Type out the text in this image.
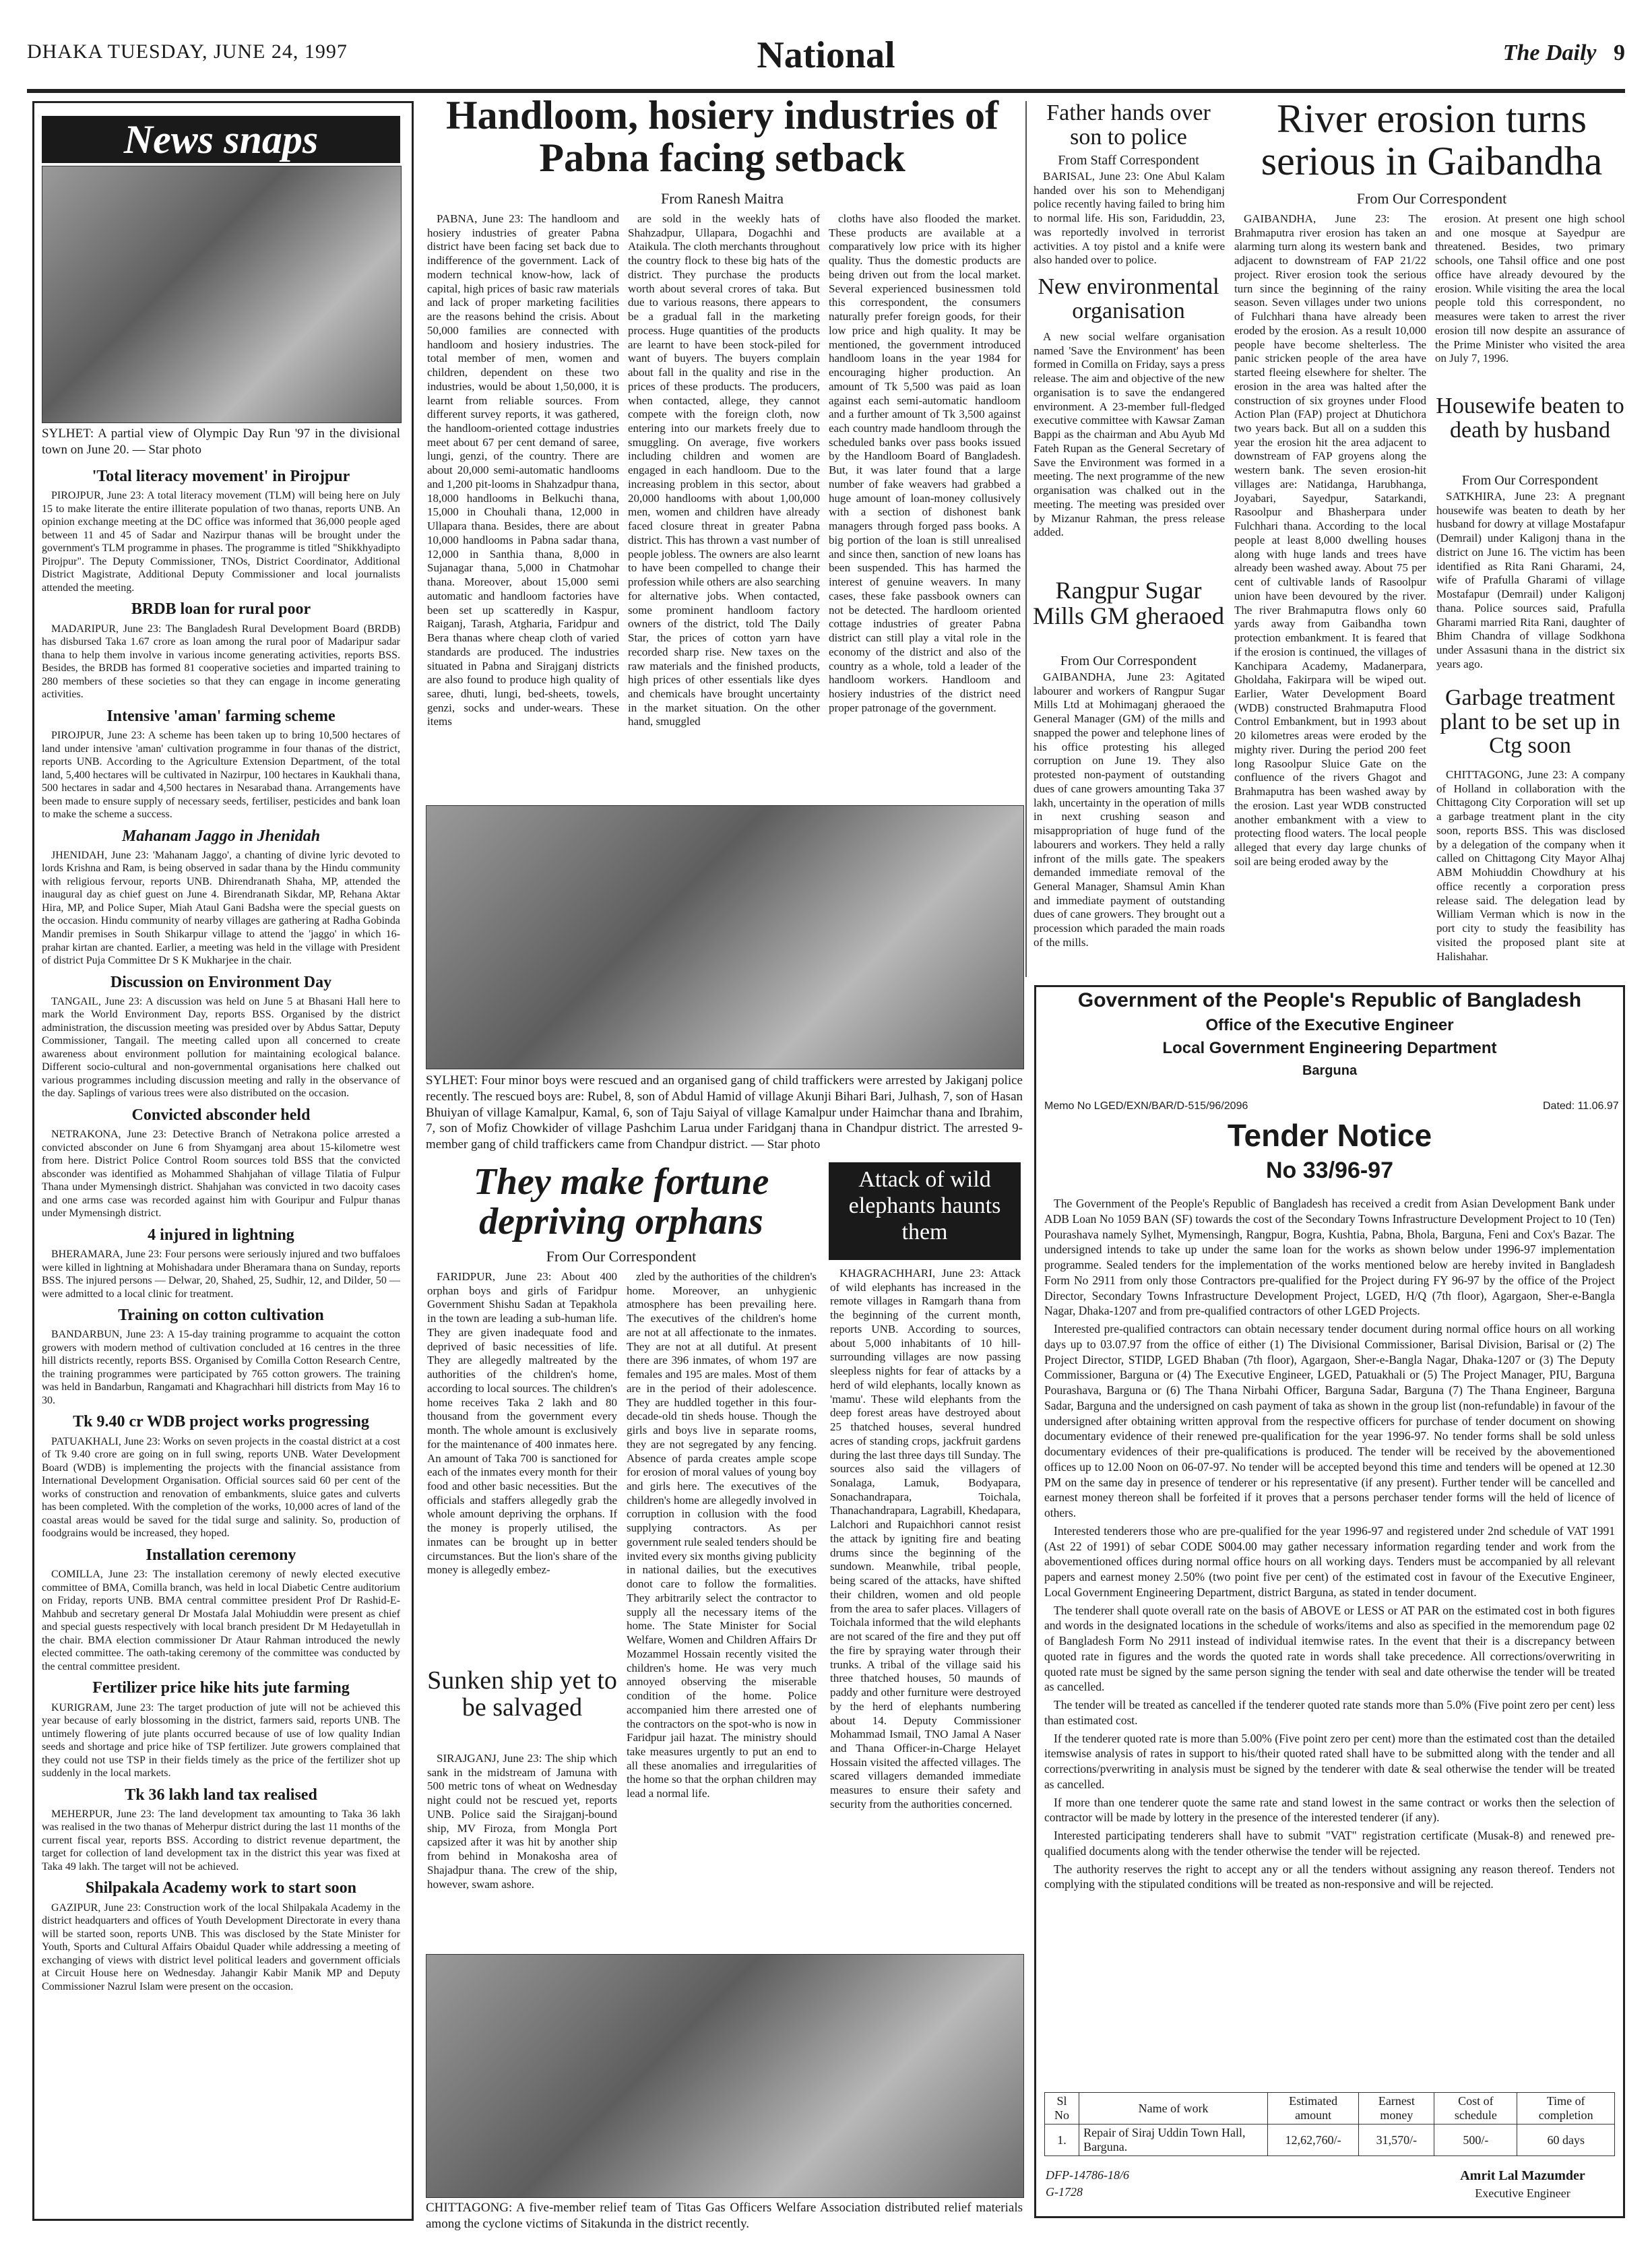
DHAKA TUESDAY, JUNE 24, 1997	National	The Daily 9
News snaps
SYLHET: A partial view of Olympic Day Run '97 in the divisional town on June 20. — Star photo
'Total literacy movement' in Pirojpur

PIROJPUR, June 23: A total literacy movement (TLM) will being here on July 15 to make literate the entire illiterate population of two thanas, reports UNB. An opinion exchange meeting at the DC office was informed that 36,000 people aged between 11 and 45 of Sadar and Nazirpur thanas will be brought under the government's TLM programme in phases. The programme is titled "Shikkhyadipto Pirojpur". The Deputy Commissioner, TNOs, District Coordinator, Additional District Magistrate, Additional Deputy Commissioner and local journalists attended the meeting.

BRDB loan for rural poor

MADARIPUR, June 23: The Bangladesh Rural Development Board (BRDB) has disbursed Taka 1.67 crore as loan among the rural poor of Madaripur sadar thana to help them involve in various income generating activities, reports BSS. Besides, the BRDB has formed 81 cooperative societies and imparted training to 280 members of these societies so that they can engage in income generating activities.

Intensive 'aman' farming scheme

PIROJPUR, June 23: A scheme has been taken up to bring 10,500 hectares of land under intensive 'aman' cultivation programme in four thanas of the district, reports UNB. According to the Agriculture Extension Department, of the total land, 5,400 hectares will be cultivated in Nazirpur, 100 hectares in Kaukhali thana, 500 hectares in sadar and 4,500 hectares in Nesarabad thana. Arrangements have been made to ensure supply of necessary seeds, fertiliser, pesticides and bank loan to make the scheme a success.

Mahanam Jaggo in Jhenidah

JHENIDAH, June 23: 'Mahanam Jaggo', a chanting of divine lyric devoted to lords Krishna and Ram, is being observed in sadar thana by the Hindu community with religious fervour, reports UNB. Dhirendranath Shaha, MP, attended the inaugural day as chief guest on June 4. Birendranath Sikdar, MP, Rehana Aktar Hira, MP, and Police Super, Miah Ataul Gani Badsha were the special guests on the occasion. Hindu community of nearby villages are gathering at Radha Gobinda Mandir premises in South Shikarpur village to attend the 'jaggo' in which 16-prahar kirtan are chanted. Earlier, a meeting was held in the village with President of district Puja Committee Dr S K Mukharjee in the chair.

Discussion on Environment Day

TANGAIL, June 23: A discussion was held on June 5 at Bhasani Hall here to mark the World Environment Day, reports BSS. Organised by the district administration, the discussion meeting was presided over by Abdus Sattar, Deputy Commissioner, Tangail. The meeting called upon all concerned to create awareness about environment pollution for maintaining ecological balance. Different socio-cultural and non-governmental organisations here chalked out various programmes including discussion meeting and rally in the observance of the day. Saplings of various trees were also distributed on the occasion.

Convicted absconder held

NETRAKONA, June 23: Detective Branch of Netrakona police arrested a convicted absconder on June 6 from Shyamganj area about 15-kilometre west from here. District Police Control Room sources told BSS that the convicted absconder was identified as Mohammed Shahjahan of village Tilatia of Fulpur Thana under Mymensingh district. Shahjahan was convicted in two dacoity cases and one arms case was recorded against him with Gouripur and Fulpur thanas under Mymensingh district.

4 injured in lightning

BHERAMARA, June 23: Four persons were seriously injured and two buffaloes were killed in lightning at Mohishadara under Bheramara thana on Sunday, reports BSS. The injured persons — Delwar, 20, Shahed, 25, Sudhir, 12, and Dilder, 50 — were admitted to a local clinic for treatment.

Training on cotton cultivation

BANDARBUN, June 23: A 15-day training programme to acquaint the cotton growers with modern method of cultivation concluded at 16 centres in the three hill districts recently, reports BSS. Organised by Comilla Cotton Research Centre, the training programmes were participated by 765 cotton growers. The training was held in Bandarbun, Rangamati and Khagrachhari hill districts from May 16 to 30.

Tk 9.40 cr WDB project works progressing

PATUAKHALI, June 23: Works on seven projects in the coastal district at a cost of Tk 9.40 crore are going on in full swing, reports UNB. Water Development Board (WDB) is implementing the projects with the financial assistance from International Development Organisation. Official sources said 60 per cent of the works of construction and renovation of embankments, sluice gates and culverts has been completed. With the completion of the works, 10,000 acres of land of the coastal areas would be saved for the tidal surge and salinity. So, production of foodgrains would be increased, they hoped.

Installation ceremony

COMILLA, June 23: The installation ceremony of newly elected executive committee of BMA, Comilla branch, was held in local Diabetic Centre auditorium on Friday, reports UNB. BMA central committee president Prof Dr Rashid-E-Mahbub and secretary general Dr Mostafa Jalal Mohiuddin were present as chief and special guests respectively with local branch president Dr M Hedayetullah in the chair. BMA election commissioner Dr Ataur Rahman introduced the newly elected committee. The oath-taking ceremony of the committee was conducted by the central committee president.

Fertilizer price hike hits jute farming

KURIGRAM, June 23: The target production of jute will not be achieved this year because of early blossoming in the district, farmers said, reports UNB. The untimely flowering of jute plants occurred because of use of low quality Indian seeds and shortage and price hike of TSP fertilizer. Jute growers complained that they could not use TSP in their fields timely as the price of the fertilizer shot up suddenly in the local markets.

Tk 36 lakh land tax realised

MEHERPUR, June 23: The land development tax amounting to Taka 36 lakh was realised in the two thanas of Meherpur district during the last 11 months of the current fiscal year, reports BSS. According to district revenue department, the target for collection of land development tax in the district this year was fixed at Taka 49 lakh. The target will not be achieved.

Shilpakala Academy work to start soon

GAZIPUR, June 23: Construction work of the local Shilpakala Academy in the district headquarters and offices of Youth Development Directorate in every thana will be started soon, reports UNB. This was disclosed by the State Minister for Youth, Sports and Cultural Affairs Obaidul Quader while addressing a meeting of exchanging of views with district level political leaders and government officials at Circuit House here on Wednesday. Jahangir Kabir Manik MP and Deputy Commissioner Nazrul Islam were present on the occasion.

Handloom, hosiery industries of Pabna facing setback
From Ranesh Maitra

PABNA, June 23: The handloom and hosiery industries of greater Pabna district have been facing set back due to indifference of the government. Lack of modern technical know-how, lack of capital, high prices of basic raw materials and lack of proper marketing facilities are the reasons behind the crisis. About 50,000 families are connected with handloom and hosiery industries. The total member of men, women and children, dependent on these two industries, would be about 1,50,000, it is learnt from reliable sources. From different survey reports, it was gathered, the handloom-oriented cottage industries meet about 67 per cent demand of saree, lungi, genzi, of the country. There are about 20,000 semi-automatic handlooms and 1,200 pit-looms in Shahzadpur thana, 18,000 handlooms in Belkuchi thana, 15,000 in Chouhali thana, 12,000 in Ullapara thana. Besides, there are about 10,000 handlooms in Pabna sadar thana, 12,000 in Santhia thana, 8,000 in Sujanagar thana, 5,000 in Chatmohar thana. Moreover, about 15,000 semi automatic and handloom factories have been set up scatteredly in Kaspur, Raiganj, Tarash, Atgharia, Faridpur and Bera thanas where cheap cloth of varied standards are produced. The industries situated in Pabna and Sirajganj districts are also found to produce high quality of saree, dhuti, lungi, bed-sheets, towels, genzi, socks and under-wears. These items

are sold in the weekly hats of Shahzadpur, Ullapara, Dogachhi and Ataikula. The cloth merchants throughout the country flock to these big hats of the district. They purchase the products worth about several crores of taka. But due to various reasons, there appears to be a gradual fall in the marketing process. Huge quantities of the products are learnt to have been stock-piled for want of buyers. The buyers complain about fall in the quality and rise in the prices of these products. The producers, when contacted, allege, they cannot compete with the foreign cloth, now entering into our markets freely due to smuggling. On average, five workers including children and women are engaged in each handloom. Due to the increasing problem in this sector, about 20,000 handlooms with about 1,00,000 men, women and children have already faced closure threat in greater Pabna district. This has thrown a vast number of people jobless. The owners are also learnt to have been compelled to change their profession while others are also searching for alternative jobs. When contacted, some prominent handloom factory owners of the district, told The Daily Star, the prices of cotton yarn have recorded sharp rise. New taxes on the raw materials and the finished products, high prices of other essentials like dyes and chemicals have brought uncertainty in the market situation. On the other hand, smuggled

cloths have also flooded the market. These products are available at a comparatively low price with its higher quality. Thus the domestic products are being driven out from the local market. Several experienced businessmen told this correspondent, the consumers naturally prefer foreign goods, for their low price and high quality. It may be mentioned, the government introduced handloom loans in the year 1984 for encouraging higher production. An amount of Tk 5,500 was paid as loan against each semi-automatic handloom and a further amount of Tk 3,500 against each country made handloom through the scheduled banks over pass books issued by the Handloom Board of Bangladesh. But, it was later found that a large number of fake weavers had grabbed a huge amount of loan-money collusively with a section of dishonest bank managers through forged pass books. A big portion of the loan is still unrealised and since then, sanction of new loans has been suspended. This has harmed the interest of genuine weavers. In many cases, these fake passbook owners can not be detected. The hardloom oriented cottage industries of greater Pabna district can still play a vital role in the economy of the district and also of the country as a whole, told a leader of the handloom workers. Handloom and hosiery industries of the district need proper patronage of the government.

SYLHET: Four minor boys were rescued and an organised gang of child traffickers were arrested by Jakiganj police recently. The rescued boys are: Rubel, 8, son of Abdul Hamid of village Akunji Bihari Bari, Julhash, 7, son of Hasan Bhuiyan of village Kamalpur, Kamal, 6, son of Taju Saiyal of village Kamalpur under Haimchar thana and Ibrahim, 7, son of Mofiz Chowkider of village Pashchim Larua under Faridganj thana in Chandpur district. The arrested 9-member gang of child traffickers came from Chandpur district. — Star photo
They make fortune depriving orphans
From Our Correspondent

FARIDPUR, June 23: About 400 orphan boys and girls of Faridpur Government Shishu Sadan at Tepakhola in the town are leading a sub-human life. They are given inadequate food and deprived of basic necessities of life. They are allegedly maltreated by the authorities of the children's home, according to local sources. The children's home receives Taka 2 lakh and 80 thousand from the government every month. The whole amount is exclusively for the maintenance of 400 inmates here. An amount of Taka 700 is sanctioned for each of the inmates every month for their food and other basic necessities. But the officials and staffers allegedly grab the whole amount depriving the orphans. If the money is properly utilised, the inmates can be brought up in better circumstances. But the lion's share of the money is allegedly embez-

zled by the authorities of the children's home. Moreover, an unhygienic atmosphere has been prevailing here. The executives of the children's home are not at all affectionate to the inmates. They are not at all dutiful. At present there are 396 inmates, of whom 197 are females and 195 are males. Most of them are in the period of their adolescence. They are huddled together in this four-decade-old tin sheds house. Though the girls and boys live in separate rooms, they are not segregated by any fencing. Absence of parda creates ample scope for erosion of moral values of young boy and girls here. The executives of the children's home are allegedly involved in corruption in collusion with the food supplying contractors. As per government rule sealed tenders should be invited every six months giving publicity in national dailies, but the executives donot care to follow the formalities. They arbitrarily select the contractor to supply all the necessary items of the home. The State Minister for Social Welfare, Women and Children Affairs Dr Mozammel Hossain recently visited the children's home. He was very much annoyed observing the miserable condition of the home. Police accompanied him there arrested one of the contractors on the spot-who is now in Faridpur jail hazat. The ministry should take measures urgently to put an end to all these anomalies and irregularities of the home so that the orphan children may lead a normal life.

Sunken ship yet to be salvaged

SIRAJGANJ, June 23: The ship which sank in the midstream of Jamuna with 500 metric tons of wheat on Wednesday night could not be rescued yet, reports UNB. Police said the Sirajganj-bound ship, MV Firoza, from Mongla Port capsized after it was hit by another ship from behind in Monakosha area of Shajadpur thana. The crew of the ship, however, swam ashore.

Attack of wild elephants haunts them

KHAGRACHHARI, June 23: Attack of wild elephants has increased in the remote villages in Ramgarh thana from the beginning of the current month, reports UNB. According to sources, about 5,000 inhabitants of 10 hill-surrounding villages are now passing sleepless nights for fear of attacks by a herd of wild elephants, locally known as 'mamu'. These wild elephants from the deep forest areas have destroyed about 25 thatched houses, several hundred acres of standing crops, jackfruit gardens during the last three days till Sunday. The sources also said the villagers of Sonalaga, Lamuk, Bodyapara, Sonachandrapara, Toichala, Thanachandrapara, Lagrabill, Khedapara, Lalchori and Rupaichhori cannot resist the attack by igniting fire and beating drums since the beginning of the sundown. Meanwhile, tribal people, being scared of the attacks, have shifted their children, women and old people from the area to safer places. Villagers of Toichala informed that the wild elephants are not scared of the fire and they put off the fire by spraying water through their trunks. A tribal of the village said his three thatched houses, 50 maunds of paddy and other furniture were destroyed by the herd of elephants numbering about 14. Deputy Commissioner Mohammad Ismail, TNO Jamal A Naser and Thana Officer-in-Charge Helayet Hossain visited the affected villages. The scared villagers demanded immediate measures to ensure their safety and security from the authorities concerned.

CHITTAGONG: A five-member relief team of Titas Gas Officers Welfare Association distributed relief materials among the cyclone victims of Sitakunda in the district recently.
Father hands over son to police
From Staff Correspondent

BARISAL, June 23: One Abul Kalam handed over his son to Mehendiganj police recently having failed to bring him to normal life. His son, Fariduddin, 23, was reportedly involved in terrorist activities. A toy pistol and a knife were also handed over to police.

New environmental organisation

A new social welfare organisation named 'Save the Environment' has been formed in Comilla on Friday, says a press release. The aim and objective of the new organisation is to save the endangered environment. A 23-member full-fledged executive committee with Kawsar Zaman Bappi as the chairman and Abu Ayub Md Fateh Rupan as the General Secretary of Save the Environment was formed in a meeting. The next programme of the new organisation was chalked out in the meeting. The meeting was presided over by Mizanur Rahman, the press release added.

Rangpur Sugar Mills GM gheraoed
From Our Correspondent

GAIBANDHA, June 23: Agitated labourer and workers of Rangpur Sugar Mills Ltd at Mohimaganj gheraoed the General Manager (GM) of the mills and snapped the power and telephone lines of his office protesting his alleged corruption on June 19. They also protested non-payment of outstanding dues of cane growers amounting Taka 37 lakh, uncertainty in the operation of mills in next crushing season and misappropriation of huge fund of the labourers and workers. They held a rally infront of the mills gate. The speakers demanded immediate removal of the General Manager, Shamsul Amin Khan and immediate payment of outstanding dues of cane growers. They brought out a procession which paraded the main roads of the mills.

River erosion turns serious in Gaibandha
From Our Correspondent

GAIBANDHA, June 23: The Brahmaputra river erosion has taken an alarming turn along its western bank and adjacent to downstream of FAP 21/22 project. River erosion took the serious turn since the beginning of the rainy season. Seven villages under two unions of Fulchhari thana have already been eroded by the erosion. As a result 10,000 people have become shelterless. The panic stricken people of the area have started fleeing elsewhere for shelter. The erosion in the area was halted after the construction of six groynes under Flood Action Plan (FAP) project at Dhutichora two years back. But all on a sudden this year the erosion hit the area adjacent to downstream of FAP groyens along the western bank. The seven erosion-hit villages are: Natidanga, Harubhanga, Joyabari, Sayedpur, Satarkandi, Rasoolpur and Bhasherpara under Fulchhari thana. According to the local people at least 8,000 dwelling houses along with huge lands and trees have already been washed away. About 75 per cent of cultivable lands of Rasoolpur union have been devoured by the river. The river Brahmaputra flows only 60 yards away from Gaibandha town protection embankment. It is feared that if the erosion is continued, the villages of Kanchipara Academy, Madanerpara, Gholdaha, Fakirpara will be wiped out. Earlier, Water Development Board (WDB) constructed Brahmaputra Flood Control Embankment, but in 1993 about 20 kilometres areas were eroded by the mighty river. During the period 200 feet long Rasoolpur Sluice Gate on the confluence of the rivers Ghagot and Brahmaputra has been washed away by the erosion. Last year WDB constructed another embankment with a view to protecting flood waters. The local people alleged that every day large chunks of soil are being eroded away by the

erosion. At present one high school and one mosque at Sayedpur are threatened. Besides, two primary schools, one Tahsil office and one post office have already devoured by the erosion. While visiting the area the local people told this correspondent, no measures were taken to arrest the river erosion till now despite an assurance of the Prime Minister who visited the area on July 7, 1996.

Housewife beaten to death by husband
From Our Correspondent

SATKHIRA, June 23: A pregnant housewife was beaten to death by her husband for dowry at village Mostafapur (Demrail) under Kaligonj thana in the district on June 16. The victim has been identified as Rita Rani Gharami, 24, wife of Prafulla Gharami of village Mostafapur (Demrail) under Kaligonj thana. Police sources said, Prafulla Gharami married Rita Rani, daughter of Bhim Chandra of village Sodkhona under Assasuni thana in the district six years ago.

Garbage treatment plant to be set up in Ctg soon

CHITTAGONG, June 23: A company of Holland in collaboration with the Chittagong City Corporation will set up a garbage treatment plant in the city soon, reports BSS. This was disclosed by a delegation of the company when it called on Chittagong City Mayor Alhaj ABM Mohiuddin Chowdhury at his office recently a corporation press release said. The delegation lead by William Verman which is now in the port city to study the feasibility has visited the proposed plant site at Halishahar.

Government of the People's Republic of Bangladesh
Office of the Executive Engineer
Local Government Engineering Department
Barguna
Memo No LGED/EXN/BAR/D-515/96/2096	Dated: 11.06.97
Tender Notice
No 33/96-97

The Government of the People's Republic of Bangladesh has received a credit from Asian Development Bank under ADB Loan No 1059 BAN (SF) towards the cost of the Secondary Towns Infrastructure Development Project to 10 (Ten) Pourashava namely Sylhet, Mymensingh, Rangpur, Bogra, Kushtia, Pabna, Bhola, Barguna, Feni and Cox's Bazar. The undersigned intends to take up under the same loan for the works as shown below under 1996-97 implementation programme. Sealed tenders for the implementation of the works mentioned below are hereby invited in Bangladesh Form No 2911 from only those Contractors pre-qualified for the Project during FY 96-97 by the office of the Project Director, Secondary Towns Infrastructure Development Project, LGED, H/Q (7th floor), Agargaon, Sher-e-Bangla Nagar, Dhaka-1207 and from pre-qualified contractors of other LGED Projects.

Interested pre-qualified contractors can obtain necessary tender document during normal office hours on all working days up to 03.07.97 from the office of either (1) The Divisional Commissioner, Barisal Division, Barisal or (2) The Project Director, STIDP, LGED Bhaban (7th floor), Agargaon, Sher-e-Bangla Nagar, Dhaka-1207 or (3) The Deputy Commissioner, Barguna or (4) The Executive Engineer, LGED, Patuakhali or (5) The Project Manager, PIU, Barguna Pourashava, Barguna or (6) The Thana Nirbahi Officer, Barguna Sadar, Barguna (7) The Thana Engineer, Barguna Sadar, Barguna and the undersigned on cash payment of taka as shown in the group list (non-refundable) in favour of the undersigned after obtaining written approval from the respective officers for purchase of tender document on showing documentary evidence of their renewed pre-qualification for the year 1996-97. No tender forms shall be sold unless documentary evidences of their pre-qualifications is produced. The tender will be received by the abovementioned offices up to 12.00 Noon on 06-07-97. No tender will be accepted beyond this time and tenders will be opened at 12.30 PM on the same day in presence of tenderer or his representative (if any present). Further tender will be cancelled and earnest money thereon shall be forfeited if it proves that a persons perchaser tender forms will the held of licence of others.

Interested tenderers those who are pre-qualified for the year 1996-97 and registered under 2nd schedule of VAT 1991 (Ast 22 of 1991) of sebar CODE S004.00 may gather necessary information regarding tender and work from the abovementioned offices during normal office hours on all working days. Tenders must be accompanied by all relevant papers and earnest money 2.50% (two point five per cent) of the estimated cost in favour of the Executive Engineer, Local Government Engineering Department, district Barguna, as stated in tender document.

The tenderer shall quote overall rate on the basis of ABOVE or LESS or AT PAR on the estimated cost in both figures and words in the designated locations in the schedule of works/items and also as specified in the memorendum page 02 of Bangladesh Form No 2911 instead of individual itemwise rates. In the event that their is a discrepancy between quoted rate in figures and the words the quoted rate in words shall take precedence. All corrections/overwriting in quoted rate must be signed by the same person signing the tender with seal and date otherwise the tender will be treated as cancelled.

The tender will be treated as cancelled if the tenderer quoted rate stands more than 5.0% (Five point zero per cent) less than estimated cost.

If the tenderer quoted rate is more than 5.00% (Five point zero per cent) more than the estimated cost than the detailed itemswise analysis of rates in support to his/their quoted rated shall have to be submitted along with the tender and all corrections/pverwriting in analysis must be signed by the tenderer with date & seal otherwise the tender will be treated as cancelled.

If more than one tenderer quote the same rate and stand lowest in the same contract or works then the selection of contractor will be made by lottery in the presence of the interested tenderer (if any).

Interested participating tenderers shall have to submit "VAT" registration certificate (Musak-8) and renewed pre-qualified documents along with the tender otherwise the tender will be rejected.

The authority reserves the right to accept any or all the tenders without assigning any reason thereof. Tenders not complying with the stipulated conditions will be treated as non-responsive and will be rejected.

Sl No	Name of work	Estimated amount	Earnest money	Cost of schedule	Time of completion
1.	Repair of Siraj Uddin Town Hall, Barguna.	12,62,760/-	31,570/-	500/-	60 days
DFP-14786-18/6
G-1728
Amrit Lal Mazumder
Executive Engineer
